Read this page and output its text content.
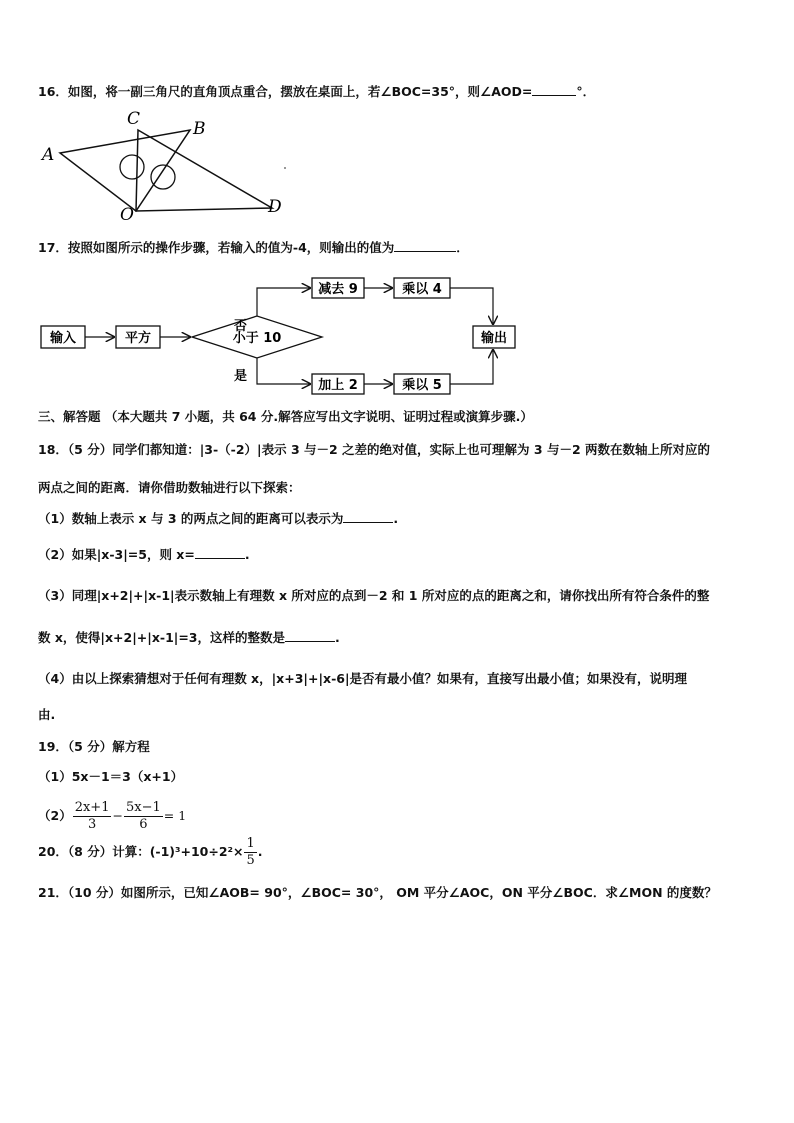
16．如图，将一副三角尺的直角顶点重合，摆放在桌面上，若∠BOC=35°，则∠AOD=	°．
C	B
A
O	D
17．按照如图所示的操作步骤，若输入的值为-4，则输出的值为	．
输入	平方	小于 10
否
减去 9	乘以 4
是
加上 2	乘以 5
输出
三、解答题 （本大题共 7 小题，共 64 分.解答应写出文字说明、证明过程或演算步骤.）
18．（5 分）同学们都知道：|3-（-2）|表示 3 与－2 之差的绝对值，实际上也可理解为 3 与－2 两数在数轴上所对应的
两点之间的距离．请你借助数轴进行以下探索：
（1）数轴上表示 x 与 3 的两点之间的距离可以表示为	.
（2）如果|x-3|=5，则 x=	.
（3）同理|x+2|+|x-1|表示数轴上有理数 x 所对应的点到－2 和 1 所对应的点的距离之和，请你找出所有符合条件的整
数 x，使得|x+2|+|x-1|=3，这样的整数是	.
（4）由以上探索猜想对于任何有理数 x，|x+3|+|x-6|是否有最小值？如果有，直接写出最小值；如果没有，说明理
由.
19．（5 分）解方程
（1）5x－1＝3（x+1）
$(2) \frac{2x+1}{3} - \frac{5x-1}{6} = 1$
20．（8 分）计算：$(-1)^3+10\div 2^2\times \frac{1}{5}$ .
21．（10 分）如图所示，已知∠AOB= 90°，∠BOC= 30°， OM 平分∠AOC，ON 平分∠BOC．求∠MON 的度数？
